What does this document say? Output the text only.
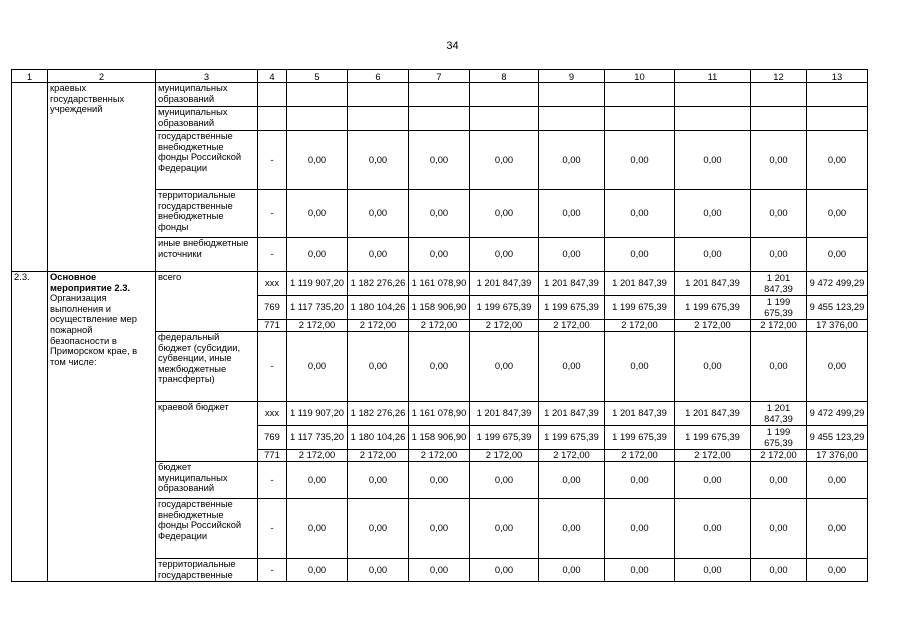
34
1	2	3	4	5	6	7	8	9	10	11	12	13
	краевых государственных учреждений	муниципальных образований										
		муниципальных образований										
		государственные внебюджетные фонды Российской Федерации	-	0,00	0,00	0,00	0,00	0,00	0,00	0,00	0,00	0,00
		территориальные государственные внебюджетные фонды	-	0,00	0,00	0,00	0,00	0,00	0,00	0,00	0,00	0,00
		иные внебюджетные источники	-	0,00	0,00	0,00	0,00	0,00	0,00	0,00	0,00	0,00
2.3.	Основное мероприятие 2.3.
Организация выполнения и осуществление мер пожарной безопасности в Приморском крае, в том числе:	всего	ххх	1 119 907,20	1 182 276,26	1 161 078,90	1 201 847,39	1 201 847,39	1 201 847,39	1 201 847,39	1 201 847,39	9 472 499,29
			769	1 117 735,20	1 180 104,26	1 158 906,90	1 199 675,39	1 199 675,39	1 199 675,39	1 199 675,39	1 199 675,39	9 455 123,29
			771	2 172,00	2 172,00	2 172,00	2 172,00	2 172,00	2 172,00	2 172,00	2 172,00	17 376,00
		федеральный бюджет (субсидии, субвенции, иные межбюджетные трансферты)	-	0,00	0,00	0,00	0,00	0,00	0,00	0,00	0,00	0,00
		краевой бюджет	ххх	1 119 907,20	1 182 276,26	1 161 078,90	1 201 847,39	1 201 847,39	1 201 847,39	1 201 847,39	1 201 847,39	9 472 499,29
			769	1 117 735,20	1 180 104,26	1 158 906,90	1 199 675,39	1 199 675,39	1 199 675,39	1 199 675,39	1 199 675,39	9 455 123,29
			771	2 172,00	2 172,00	2 172,00	2 172,00	2 172,00	2 172,00	2 172,00	2 172,00	17 376,00
		бюджет муниципальных образований	-	0,00	0,00	0,00	0,00	0,00	0,00	0,00	0,00	0,00
		государственные внебюджетные фонды Российской Федерации	-	0,00	0,00	0,00	0,00	0,00	0,00	0,00	0,00	0,00
		территориальные государственные	-	0,00	0,00	0,00	0,00	0,00	0,00	0,00	0,00	0,00
